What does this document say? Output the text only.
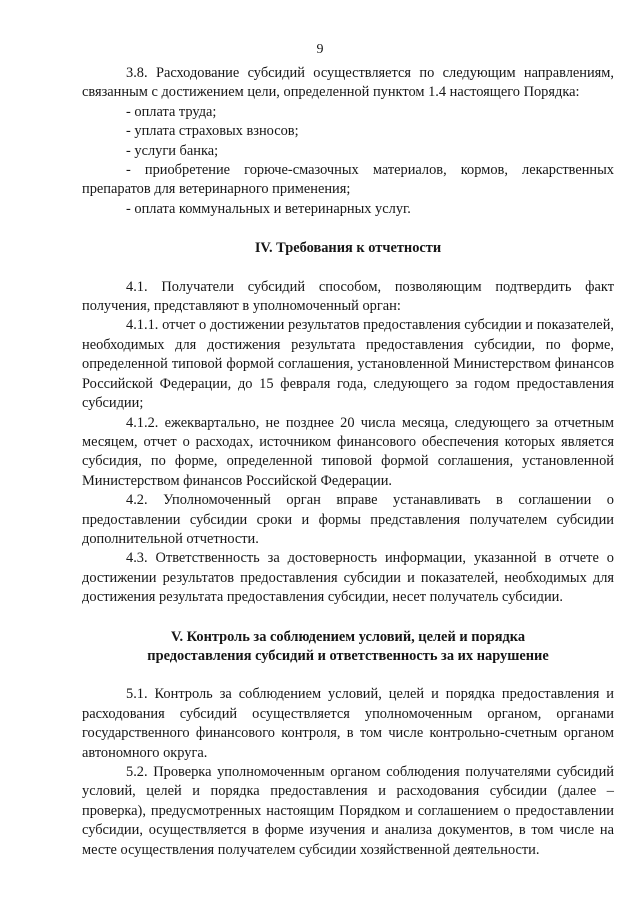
9

3.8. Расходование субсидий осуществляется по следующим направлениям, связанным с достижением цели, определенной пунктом 1.4 настоящего Порядка:

- оплата труда;

- уплата страховых взносов;

- услуги банка;

- приобретение горюче-смазочных материалов, кормов, лекарственных препаратов для ветеринарного применения;

- оплата коммунальных и ветеринарных услуг.

IV. Требования к отчетности

4.1. Получатели субсидий способом, позволяющим подтвердить факт получения, представляют в уполномоченный орган:

4.1.1. отчет о достижении результатов предоставления субсидии и показателей, необходимых для достижения результата предоставления субсидии, по форме, определенной типовой формой соглашения, установленной Министерством финансов Российской Федерации, до 15 февраля года, следующего за годом предоставления субсидии;

4.1.2. ежеквартально, не позднее 20 числа месяца, следующего за отчетным месяцем, отчет о расходах, источником финансового обеспечения которых является субсидия, по форме, определенной типовой формой соглашения, установленной Министерством финансов Российской Федерации.

4.2. Уполномоченный орган вправе устанавливать в соглашении о предоставлении субсидии сроки и формы представления получателем субсидии дополнительной отчетности.

4.3. Ответственность за достоверность информации, указанной в отчете о достижении результатов предоставления субсидии и показателей, необходимых для достижения результата предоставления субсидии, несет получатель субсидии.

V. Контроль за соблюдением условий, целей и порядка

предоставления субсидий и ответственность за их нарушение

5.1. Контроль за соблюдением условий, целей и порядка предоставления и расходования субсидий осуществляется уполномоченным органом, органами государственного финансового контроля, в том числе контрольно-счетным органом автономного округа.

5.2. Проверка уполномоченным органом соблюдения получателями субсидий условий, целей и порядка предоставления и расходования субсидии (далее – проверка), предусмотренных настоящим Порядком и соглашением о предоставлении субсидии, осуществляется в форме изучения и анализа документов, в том числе на месте осуществления получателем субсидии хозяйственной деятельности.
